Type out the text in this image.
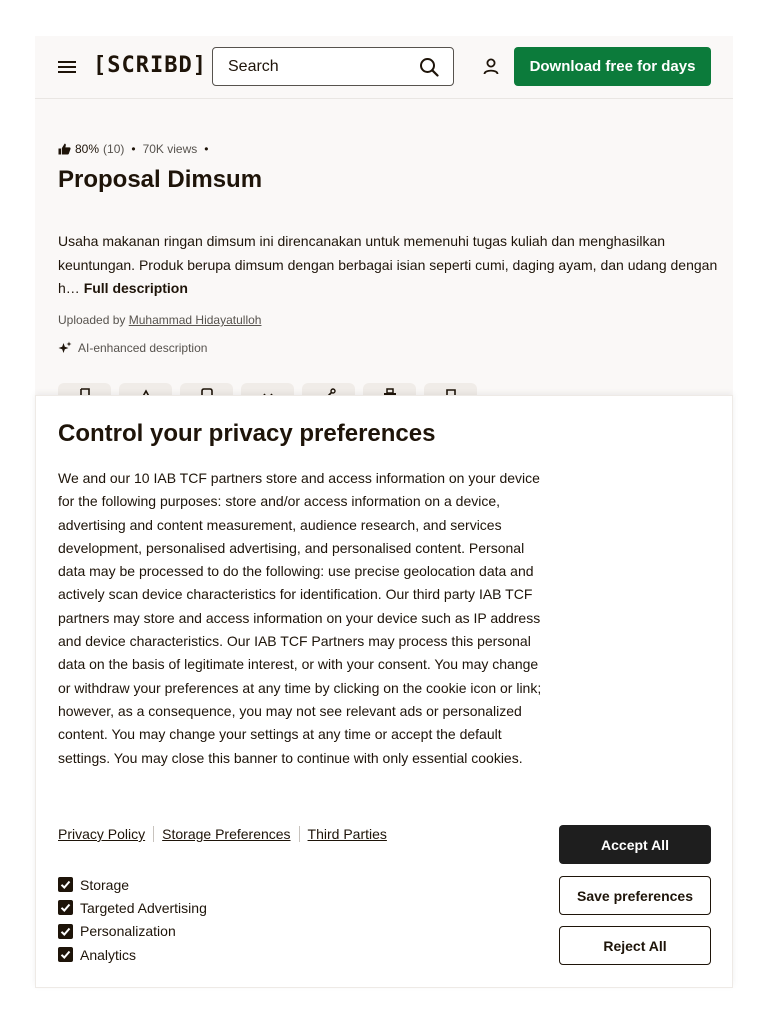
[SCRIBD] Search	Download free for days
80% (10) • 70K views •
Proposal Dimsum

Usaha makanan ringan dimsum ini direncanakan untuk memenuhi tugas kuliah dan menghasilkan keuntungan. Produk berupa dimsum dengan berbagai isian seperti cumi, daging ayam, dan udang dengan h… Full description

Uploaded by Muhammad Hidayatulloh
AI-enhanced description
Control your privacy preferences

We and our 10 IAB TCF partners store and access information on your device for the following purposes: store and/or access information on a device, advertising and content measurement, audience research, and services development, personalised advertising, and personalised content. Personal data may be processed to do the following: use precise geolocation data and actively scan device characteristics for identification. Our third party IAB TCF partners may store and access information on your device such as IP address and device characteristics. Our IAB TCF Partners may process this personal data on the basis of legitimate interest, or with your consent. You may change or withdraw your preferences at any time by clicking on the cookie icon or link; however, as a consequence, you may not see relevant ads or personalized content. You may change your settings at any time or accept the default settings. You may close this banner to continue with only essential cookies.

Privacy Policy Storage Preferences Third Parties
Storage
Targeted Advertising
Personalization
Analytics
Accept All
Save preferences
Reject All
